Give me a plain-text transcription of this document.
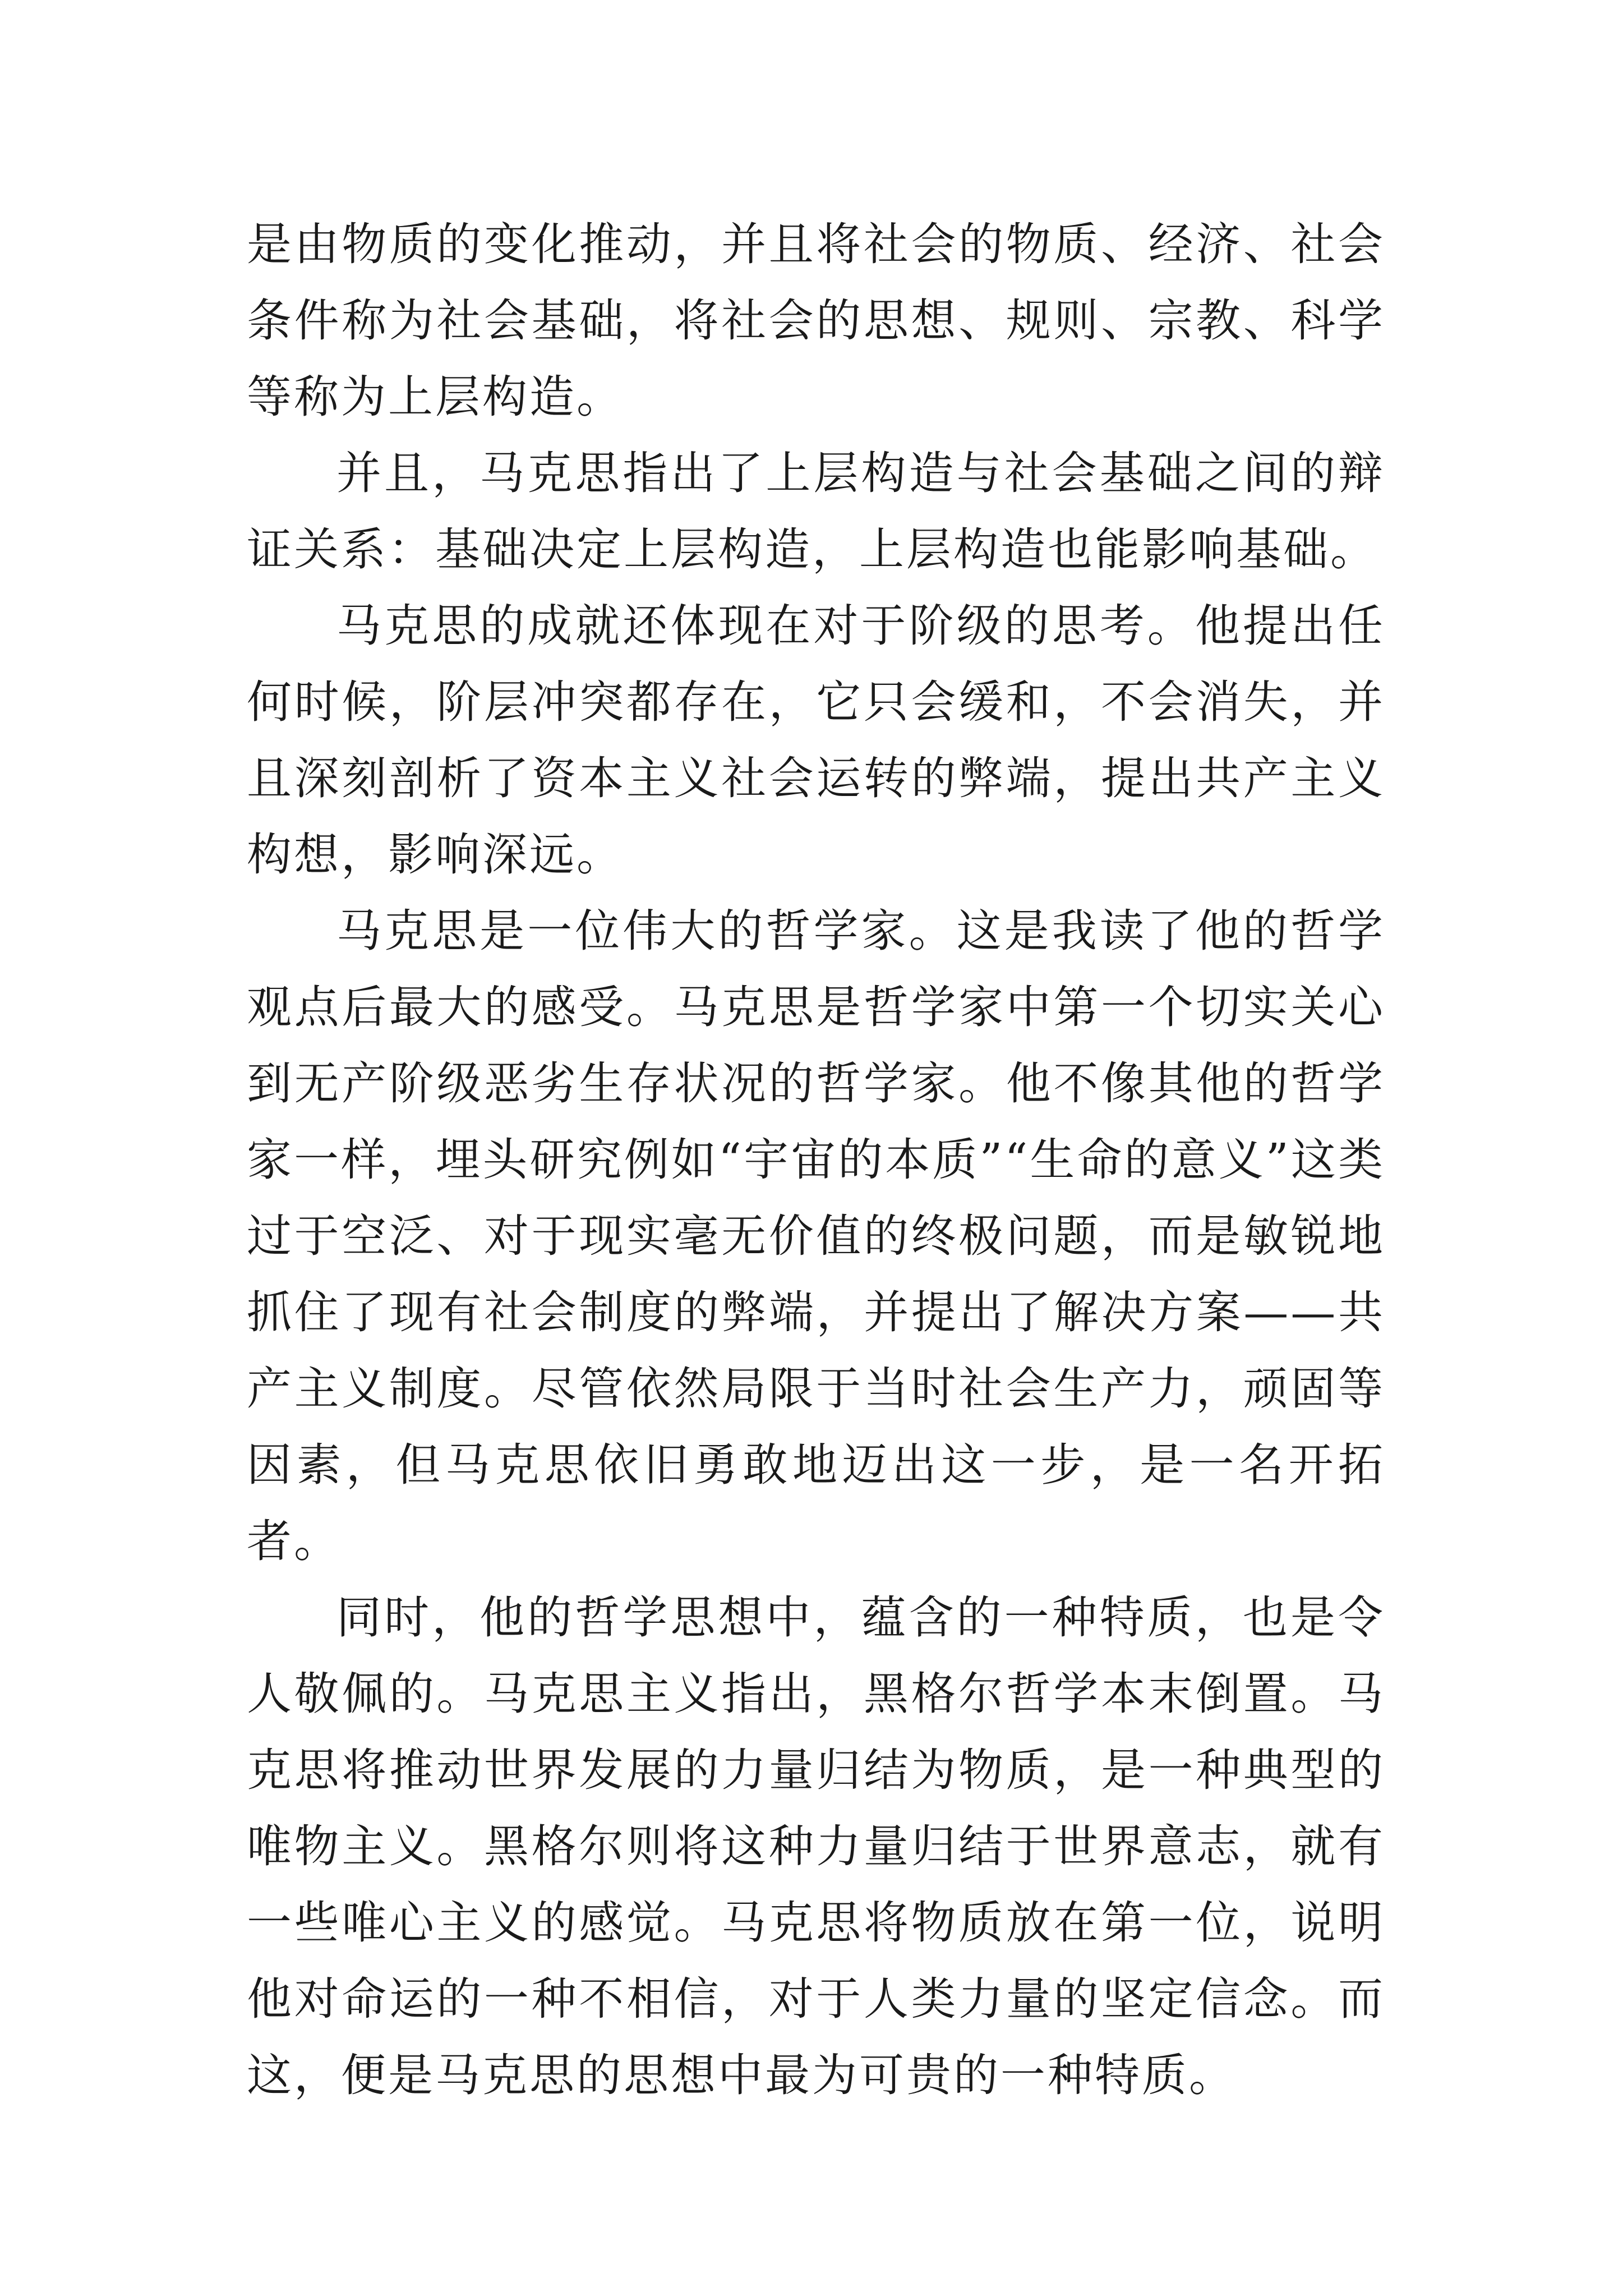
是由物质的变化推动，并且将社会的物质、经济、社会条件称为社会基础，将社会的思想、规则、宗教、科学等称为上层构造。

并且，马克思指出了上层构造与社会基础之间的辩证关系：基础决定上层构造，上层构造也能影响基础。

马克思的成就还体现在对于阶级的思考。他提出任何时候，阶层冲突都存在，它只会缓和，不会消失，并且深刻剖析了资本主义社会运转的弊端，提出共产主义构想，影响深远。

马克思是一位伟大的哲学家。这是我读了他的哲学观点后最大的感受。马克思是哲学家中第一个切实关心到无产阶级恶劣生存状况的哲学家。他不像其他的哲学家一样，埋头研究例如“宇宙的本质”“生命的意义”这类过于空泛、对于现实毫无价值的终极问题，而是敏锐地抓住了现有社会制度的弊端，并提出了解决方案——共产主义制度。尽管依然局限于当时社会生产力，顽固等因素，但马克思依旧勇敢地迈出这一步，是一名开拓者。

同时，他的哲学思想中，蕴含的一种特质，也是令人敬佩的。马克思主义指出，黑格尔哲学本末倒置。马克思将推动世界发展的力量归结为物质，是一种典型的唯物主义。黑格尔则将这种力量归结于世界意志，就有一些唯心主义的感觉。马克思将物质放在第一位，说明他对命运的一种不相信，对于人类力量的坚定信念。而这，便是马克思的思想中最为可贵的一种特质。
